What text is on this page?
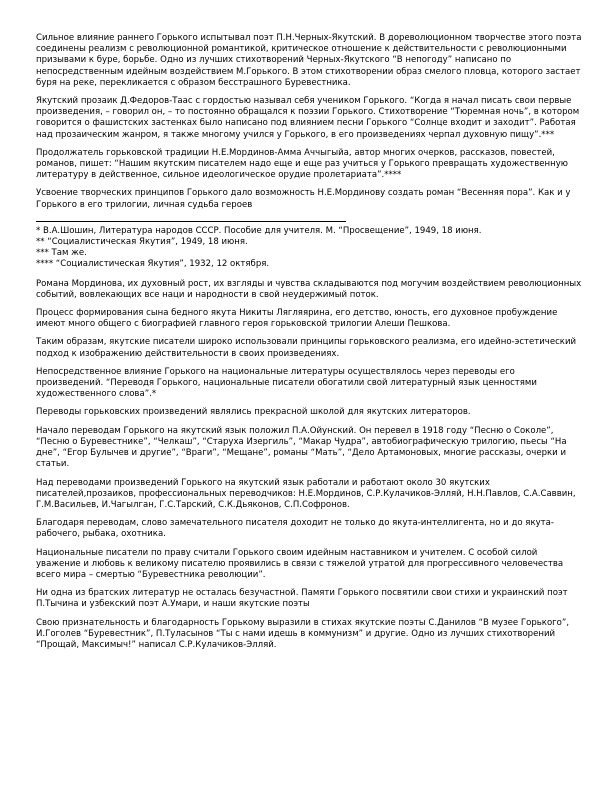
Сильное влияние раннего Горького испытывал поэт П.Н.Черных-Якутский. В дореволюционном творчестве этого поэта соединены реализм с революционной романтикой, критическое отношение к действительности с революционными призывами к буре, борьбе. Одно из лучших стихотворений Черных-Якутского “В непогоду” написано по непосредственным идейным воздействием М.Горького. В этом стихотворении образ смелого пловца, которого застает буря на реке, перекликается с образом бесстрашного Буревестника.

Якутский прозаик Д.Федоров-Таас с гордостью называл себя учеником Горького. “Когда я начал писать свои первые произведения, – говорил он, – то постоянно обращался к поэзии Горького. Стихотворение “Тюремная ночь”, в котором говорится о фашистских застенках было написано под влиянием песни Горького “Солнце входит и заходит”. Работая над прозаическим жанром, я также многому учился у Горького, в его произведениях черпал духовную пищу”.***

Продолжатель горьковской традиции Н.Е.Мординов-Амма Аччыгыйа, автор многих очерков, рассказов, повестей, романов, пишет: “Нашим якутским писателем надо еще и еще раз учиться у Горького превращать художественную литературу в действенное, сильное идеологическое орудие пролетариата”.****

Усвоение творческих принципов Горького дало возможность Н.Е.Мординову создать роман “Весенняя пора”. Как и у Горького в его трилогии, личная судьба героев

* В.А.Шошин, Литература народов СССР. Пособие для учителя. М. “Просвещение”, 1949, 18 июня.

** “Социалистическая Якутия”, 1949, 18 июня.

*** Там же.

**** “Социалистическая Якутия”, 1932, 12 октября.

Романа Мординова, их духовный рост, их взгляды и чувства складываются под могучим воздействием революционных событий, вовлекающих все наци и народности в свой неудержимый поток.

Процесс формирования сына бедного якута Никиты Лягляярина, его детство, юность, его духовное пробуждение имеют много общего с биографией главного героя горьковской трилогии Алеши Пешкова.

Таким образам, якутские писатели широко использовали принципы горьковского реализма, его идейно-эстетический подход к изображению действительности в своих произведениях.

Непосредственное влияние Горького на национальные литературы осуществлялось через переводы его произведений. “Переводя Горького, национальные писатели обогатили свой литературный язык ценностями художественного слова”.*

Переводы горьковских произведений являлись прекрасной школой для якутских литераторов.

Начало переводам Горького на якутский язык положил П.А.Ойунский. Он перевел в 1918 году “Песню о Соколе”, “Песню о Буревестнике”, “Челкаш”, “Старуха Изергиль”, “Макар Чудра”, автобиографическую трилогию, пьесы “На дне”, “Егор Булычев и другие”, “Враги”, “Мещане”, романы “Мать”, “Дело Артамоновых, многие рассказы, очерки и статьи.

Над переводами произведений Горького на якутский язык работали и работают около 30 якутских писателей,прозаиков, профессиональных переводчиков: Н.Е.Мординов, С.Р.Кулачиков-Элляй, Н.Н.Павлов, С.А.Саввин, Г.М.Васильев, И.Чагылган, Г.С.Тарский, С.К.Дьяконов, С.П.Софронов.

Благодаря переводам, слово замечательного писателя доходит не только до якута-интеллигента, но и до якута-рабочего, рыбака, охотника.

Национальные писатели по праву считали Горького своим идейным наставником и учителем. С особой силой уважение и любовь к великому писателю проявились в связи с тяжелой утратой для прогрессивного человечества всего мира – смертью “Буревестника революции”.

Ни одна из братских литератур не осталась безучастной. Памяти Горького посвятили свои стихи и украинский поэт П.Тычина и узбекский поэт А.Умари, и наши якутские поэты

Свою признательность и благодарность Горькому выразили в стихах якутские поэты С.Данилов “В музее Горького”, И.Гоголев “Буревестник”, П.Туласынов “Ты с нами идешь в коммунизм” и другие. Одно из лучших стихотворений “Прощай, Максимыч!” написал С.Р.Кулачиков-Элляй.
